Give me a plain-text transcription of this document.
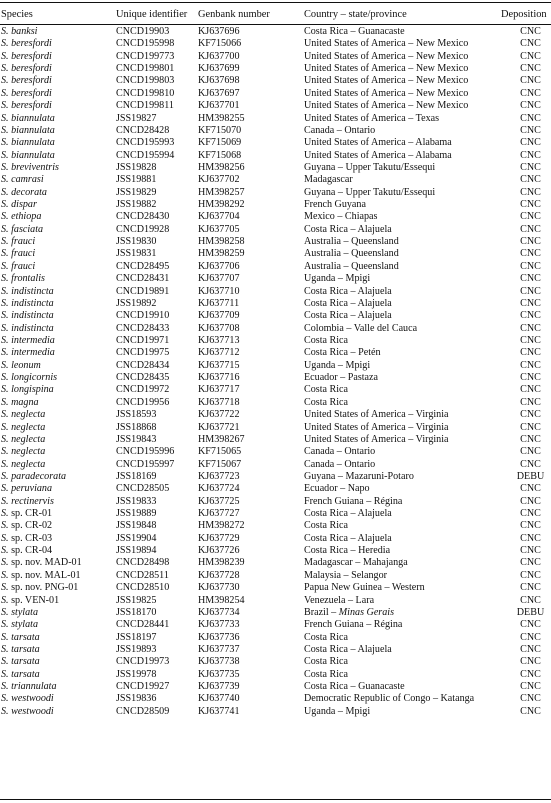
Species	Unique identifier	Genbank number	Country – state/province	Deposition
S. banksi	CNCD19903	KJ637696	Costa Rica – Guanacaste	CNC
S. beresfordi	CNCD195998	KF715066	United States of America – New Mexico	CNC
S. beresfordi	CNCD199773	KJ637700	United States of America – New Mexico	CNC
S. beresfordi	CNCD199801	KJ637699	United States of America – New Mexico	CNC
S. beresfordi	CNCD199803	KJ637698	United States of America – New Mexico	CNC
S. beresfordi	CNCD199810	KJ637697	United States of America – New Mexico	CNC
S. beresfordi	CNCD199811	KJ637701	United States of America – New Mexico	CNC
S. biannulata	JSS19827	HM398255	United States of America – Texas	CNC
S. biannulata	CNCD28428	KF715070	Canada – Ontario	CNC
S. biannulata	CNCD195993	KF715069	United States of America – Alabama	CNC
S. biannulata	CNCD195994	KF715068	United States of America – Alabama	CNC
S. breviventris	JSS19828	HM398256	Guyana – Upper Takutu/Essequi	CNC
S. camrasi	JSS19881	KJ637702	Madagascar	CNC
S. decorata	JSS19829	HM398257	Guyana – Upper Takutu/Essequi	CNC
S. dispar	JSS19882	HM398292	French Guyana	CNC
S. ethiopa	CNCD28430	KJ637704	Mexico – Chiapas	CNC
S. fasciata	CNCD19928	KJ637705	Costa Rica – Alajuela	CNC
S. frauci	JSS19830	HM398258	Australia – Queensland	CNC
S. frauci	JSS19831	HM398259	Australia – Queensland	CNC
S. frauci	CNCD28495	KJ637706	Australia – Queensland	CNC
S. frontalis	CNCD28431	KJ637707	Uganda – Mpigi	CNC
S. indistincta	CNCD19891	KJ637710	Costa Rica – Alajuela	CNC
S. indistincta	JSS19892	KJ637711	Costa Rica – Alajuela	CNC
S. indistincta	CNCD19910	KJ637709	Costa Rica – Alajuela	CNC
S. indistincta	CNCD28433	KJ637708	Colombia – Valle del Cauca	CNC
S. intermedia	CNCD19971	KJ637713	Costa Rica	CNC
S. intermedia	CNCD19975	KJ637712	Costa Rica – Petén	CNC
S. leonum	CNCD28434	KJ637715	Uganda – Mpigi	CNC
S. longicornis	CNCD28435	KJ637716	Ecuador – Pastaza	CNC
S. longispina	CNCD19972	KJ637717	Costa Rica	CNC
S. magna	CNCD19956	KJ637718	Costa Rica	CNC
S. neglecta	JSS18593	KJ637722	United States of America – Virginia	CNC
S. neglecta	JSS18868	KJ637721	United States of America – Virginia	CNC
S. neglecta	JSS19843	HM398267	United States of America – Virginia	CNC
S. neglecta	CNCD195996	KF715065	Canada – Ontario	CNC
S. neglecta	CNCD195997	KF715067	Canada – Ontario	CNC
S. paradecorata	JSS18169	KJ637723	Guyana – Mazaruni-Potaro	DEBU
S. peruviana	CNCD28505	KJ637724	Ecuador – Napo	CNC
S. rectinervis	JSS19833	KJ637725	French Guiana – Régina	CNC
S. sp. CR-01	JSS19889	KJ637727	Costa Rica – Alajuela	CNC
S. sp. CR-02	JSS19848	HM398272	Costa Rica	CNC
S. sp. CR-03	JSS19904	KJ637729	Costa Rica – Alajuela	CNC
S. sp. CR-04	JSS19894	KJ637726	Costa Rica – Heredia	CNC
S. sp. nov. MAD-01	CNCD28498	HM398239	Madagascar – Mahajanga	CNC
S. sp. nov. MAL-01	CNCD28511	KJ637728	Malaysia – Selangor	CNC
S. sp. nov. PNG-01	CNCD28510	KJ637730	Papua New Guinea – Western	CNC
S. sp. VEN-01	JSS19825	HM398254	Venezuela – Lara	CNC
S. stylata	JSS18170	KJ637734	Brazil – Minas Gerais	DEBU
S. stylata	CNCD28441	KJ637733	French Guiana – Régina	CNC
S. tarsata	JSS18197	KJ637736	Costa Rica	CNC
S. tarsata	JSS19893	KJ637737	Costa Rica – Alajuela	CNC
S. tarsata	CNCD19973	KJ637738	Costa Rica	CNC
S. tarsata	JSS19978	KJ637735	Costa Rica	CNC
S. triannulata	CNCD19927	KJ637739	Costa Rica – Guanacaste	CNC
S. westwoodi	JSS19836	KJ637740	Democratic Republic of Congo – Katanga	CNC
S. westwoodi	CNCD28509	KJ637741	Uganda – Mpigi	CNC
